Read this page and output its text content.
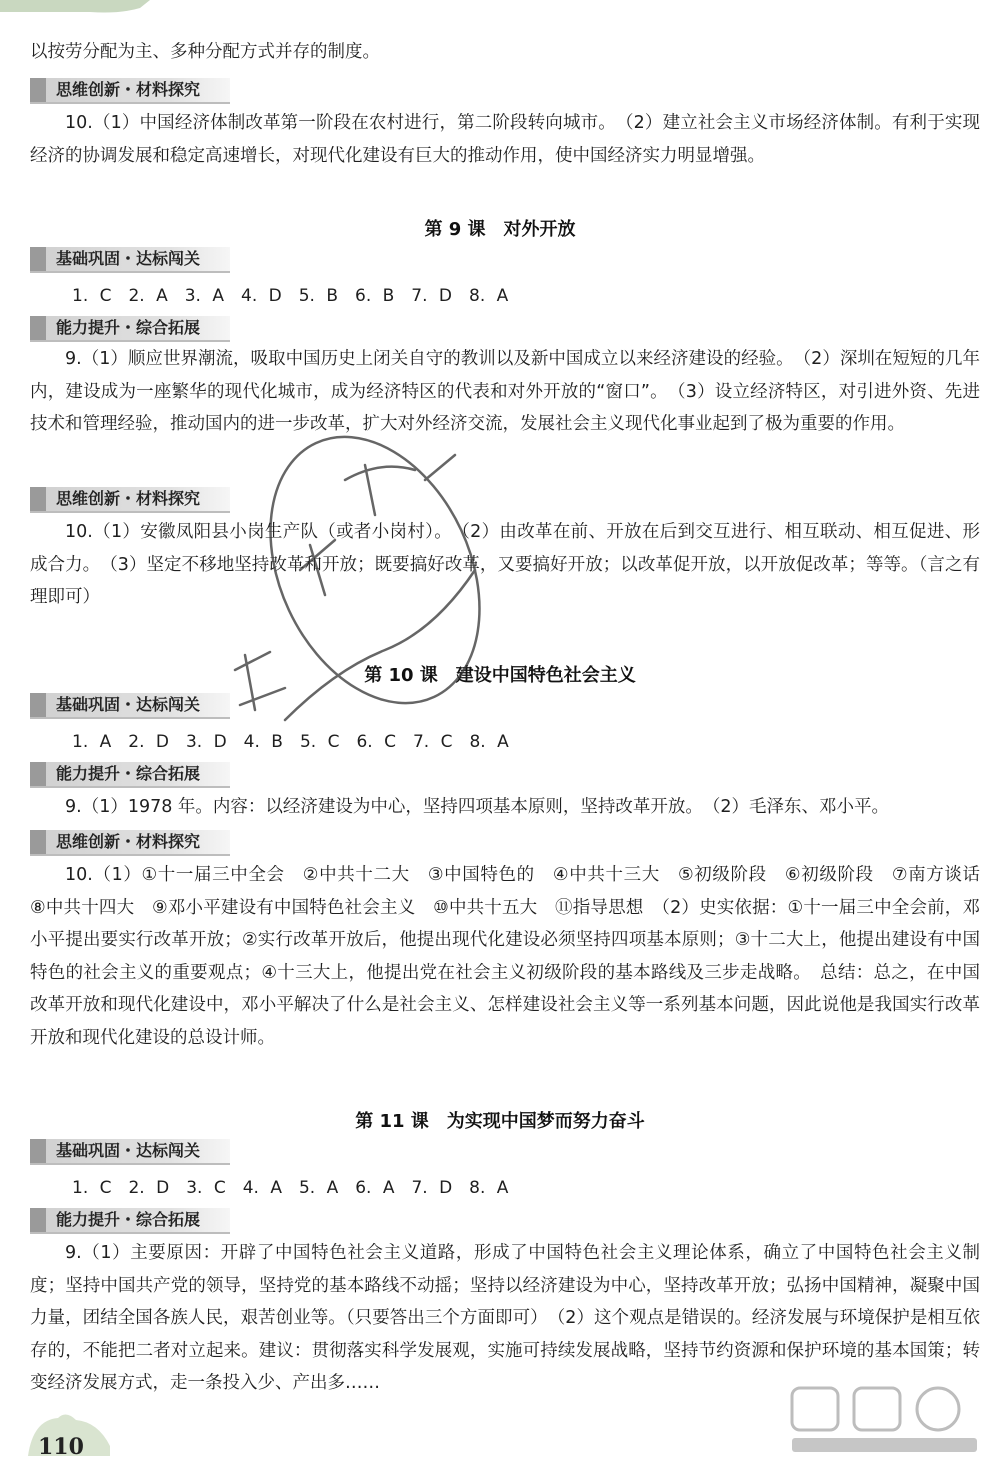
以按劳分配为主、多种分配方式并存的制度。

思维创新・材料探究

10.（1）中国经济体制改革第一阶段在农村进行，第二阶段转向城市。　（2）建立社会主义市场经济体制。有利于实现经济的协调发展和稳定高速增长，对现代化建设有巨大的推动作用，使中国经济实力明显增强。

第 9 课　对外开放
基础巩固・达标闯关

1. C　2. A　3. A　4. D　5. B　6. B　7. D　8. A

能力提升・综合拓展

9.（1）顺应世界潮流，吸取中国历史上闭关自守的教训以及新中国成立以来经济建设的经验。　（2）深圳在短短的几年内，建设成为一座繁华的现代化城市，成为经济特区的代表和对外开放的“窗口”。　（3）设立经济特区，对引进外资、先进技术和管理经验，推动国内的进一步改革，扩大对外经济交流，发展社会主义现代化事业起到了极为重要的作用。

思维创新・材料探究

10.（1）安徽凤阳县小岗生产队（或者小岗村）。　（2）由改革在前、开放在后到交互进行、相互联动、相互促进、形成合力。　（3）坚定不移地坚持改革和开放；既要搞好改革，又要搞好开放；以改革促开放，以开放促改革；等等。（言之有理即可）

第 10 课　建设中国特色社会主义
基础巩固・达标闯关

1. A　2. D　3. D　4. B　5. C　6. C　7. C　8. A

能力提升・综合拓展

9.（1）1978 年。内容：以经济建设为中心，坚持四项基本原则，坚持改革开放。　（2）毛泽东、邓小平。

思维创新・材料探究

10.（1）①十一届三中全会　②中共十二大　③中国特色的　④中共十三大　⑤初级阶段　⑥初级阶段　⑦南方谈话　⑧中共十四大　⑨邓小平建设有中国特色社会主义　⑩中共十五大　⑪指导思想　（2）史实依据：①十一届三中全会前，邓小平提出要实行改革开放；②实行改革开放后，他提出现代化建设必须坚持四项基本原则；③十二大上，他提出建设有中国特色的社会主义的重要观点；④十三大上，他提出党在社会主义初级阶段的基本路线及三步走战略。　总结：总之，在中国改革开放和现代化建设中，邓小平解决了什么是社会主义、怎样建设社会主义等一系列基本问题，因此说他是我国实行改革开放和现代化建设的总设计师。

第 11 课　为实现中国梦而努力奋斗
基础巩固・达标闯关

1. C　2. D　3. C　4. A　5. A　6. A　7. D　8. A

能力提升・综合拓展

9.（1）主要原因：开辟了中国特色社会主义道路，形成了中国特色社会主义理论体系，确立了中国特色社会主义制度；坚持中国共产党的领导，坚持党的基本路线不动摇；坚持以经济建设为中心，坚持改革开放；弘扬中国精神，凝聚中国力量，团结全国各族人民，艰苦创业等。（只要答出三个方面即可）　（2）这个观点是错误的。经济发展与环境保护是相互依存的，不能把二者对立起来。建议：贯彻落实科学发展观，实施可持续发展战略，坚持节约资源和保护环境的基本国策；转变经济发展方式，走一条投入少、产出多……

110
